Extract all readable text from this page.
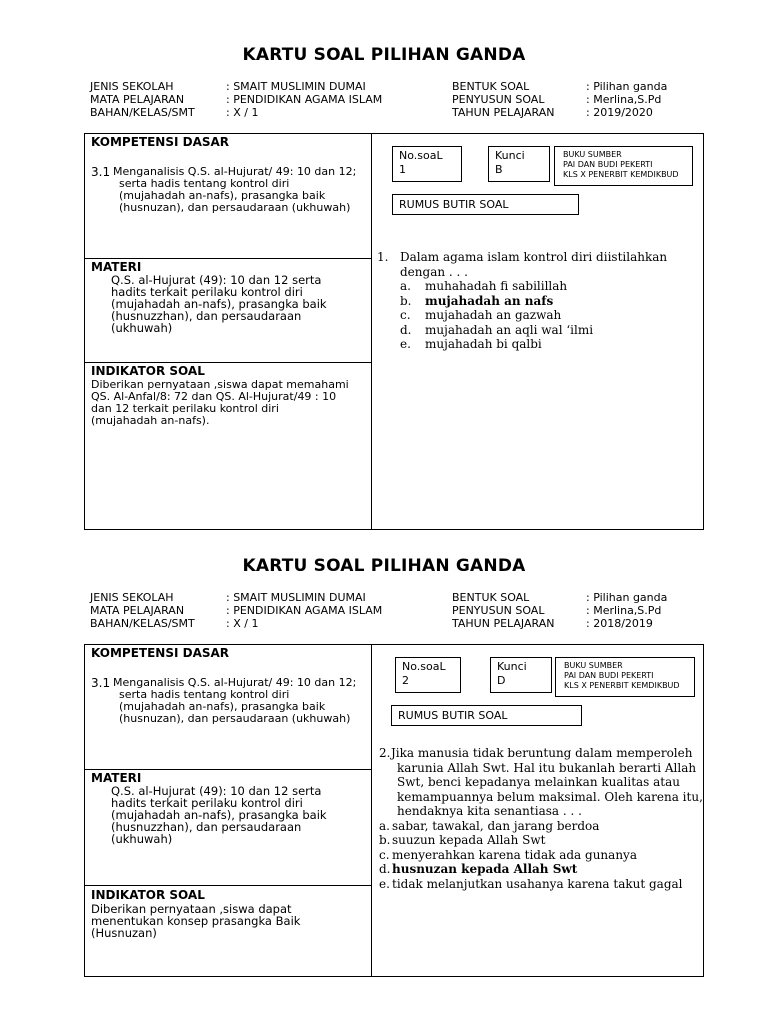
KARTU SOAL PILIHAN GANDA
JENIS SEKOLAH	: SMAIT MUSLIMIN DUMAI
MATA PELAJARAN	: PENDIDIKAN AGAMA ISLAM
BAHAN/KELAS/SMT	: X / 1
BENTUK SOAL	: Pilihan ganda
PENYUSUN SOAL	: Merlina,S.Pd
TAHUN PELAJARAN	: 2019/2020
KOMPETENSI DASAR
3.1 Menganalisis Q.S. al-Hujurat/ 49: 10 dan 12;
serta hadis tentang kontrol diri
(mujahadah an-nafs), prasangka baik
(husnuzan), dan persaudaraan (ukhuwah)
MATERI
Q.S. al-Hujurat (49): 10 dan 12 serta
hadits terkait perilaku kontrol diri
(mujahadah an-nafs), prasangka baik
(husnuzzhan), dan persaudaraan
(ukhuwah)
INDIKATOR SOAL
Diberikan pernyataan ,siswa dapat memahami
QS. Al-Anfal/8: 72 dan QS. Al-Hujurat/49 : 10
dan 12 terkait perilaku kontrol diri
(mujahadah an-nafs).
No.soaL
1
Kunci
B
BUKU SUMBER
PAI DAN BUDI PEKERTI
KLS X PENERBIT KEMDIKBUD
RUMUS BUTIR SOAL
1. Dalam agama islam kontrol diri diistilahkan
dengan . . .
a. muhahadah fi sabilillah
b. mujahadah an nafs
c. mujahadah an gazwah
d. mujahadah an aqli wal ‘ilmi
e. mujahadah bi qalbi
KARTU SOAL PILIHAN GANDA
JENIS SEKOLAH	: SMAIT MUSLIMIN DUMAI
MATA PELAJARAN	: PENDIDIKAN AGAMA ISLAM
BAHAN/KELAS/SMT	: X / 1
BENTUK SOAL	: Pilihan ganda
PENYUSUN SOAL	: Merlina,S.Pd
TAHUN PELAJARAN	: 2018/2019
KOMPETENSI DASAR
3.1 Menganalisis Q.S. al-Hujurat/ 49: 10 dan 12;
serta hadis tentang kontrol diri
(mujahadah an-nafs), prasangka baik
(husnuzan), dan persaudaraan (ukhuwah)
MATERI
Q.S. al-Hujurat (49): 10 dan 12 serta
hadits terkait perilaku kontrol diri
(mujahadah an-nafs), prasangka baik
(husnuzzhan), dan persaudaraan
(ukhuwah)
INDIKATOR SOAL
Diberikan pernyataan ,siswa dapat
menentukan konsep prasangka Baik
(Husnuzan)
No.soaL
2
Kunci
D
BUKU SUMBER
PAI DAN BUDI PEKERTI
KLS X PENERBIT KEMDIKBUD
RUMUS BUTIR SOAL
2. Jika manusia tidak beruntung dalam memperoleh
karunia Allah Swt. Hal itu bukanlah berarti Allah
Swt, benci kepadanya melainkan kualitas atau
kemampuannya belum maksimal. Oleh karena itu,
hendaknya kita senantiasa . . .
a. sabar, tawakal, dan jarang berdoa
b. suuzun kepada Allah Swt
c. menyerahkan karena tidak ada gunanya
d. husnuzan kepada Allah Swt
e. tidak melanjutkan usahanya karena takut gagal
